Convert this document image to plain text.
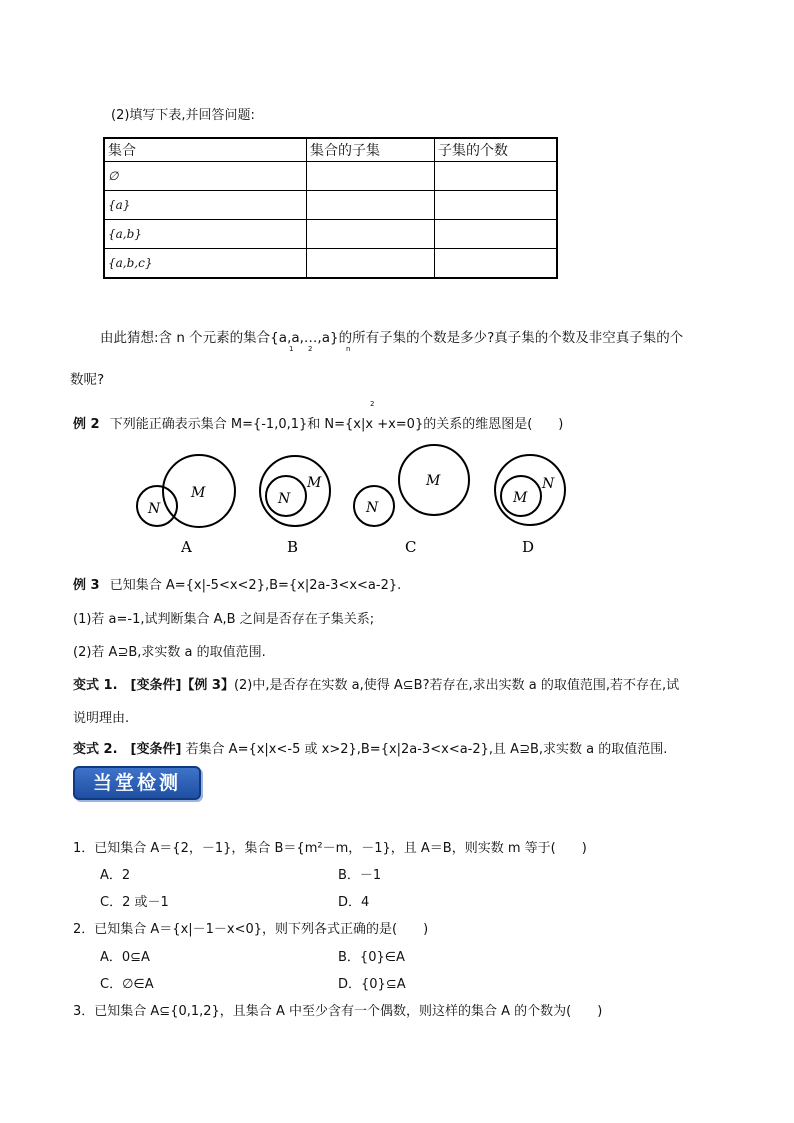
(2)填写下表,并回答问题:
集合	集合的子集	子集的个数
∅		
{a}		
{a,b}		
{a,b,c}		
由此猜想:含 n 个元素的集合{a,a,…,a}的所有子集的个数是多少?真子集的个数及非空真子集的个
1 2	n
数呢?
2
例 2 下列能正确表示集合 M={-1,0,1}和 N={x|x +x=0}的关系的维恩图是(　　)
M
N
A
M
N
B
M
N
C
N
M
D
例 3 已知集合 A={x|-5<x<2},B={x|2a-3<x<a-2}.
(1)若 a=-1,试判断集合 A,B 之间是否存在子集关系;
(2)若 A⊇B,求实数 a 的取值范围.
变式 1.　[变条件]【例 3】(2)中,是否存在实数 a,使得 A⊆B?若存在,求出实数 a 的取值范围,若不存在,试
说明理由.
变式 2.　[变条件] 若集合 A={x|x<-5 或 x>2},B={x|2a-3<x<a-2},且 A⊇B,求实数 a 的取值范围.
当堂检测
1．已知集合 A＝{2，－1}，集合 B＝{m²－m，－1}，且 A＝B，则实数 m 等于(　　)
A．2	B．－1
C．2 或－1	D．4
2．已知集合 A＝{x|－1－x<0}，则下列各式正确的是(　　)
A．0⊆A	B．{0}∈A
C．∅∈A	D．{0}⊆A
3．已知集合 A⊆{0,1,2}，且集合 A 中至少含有一个偶数，则这样的集合 A 的个数为(　　)
